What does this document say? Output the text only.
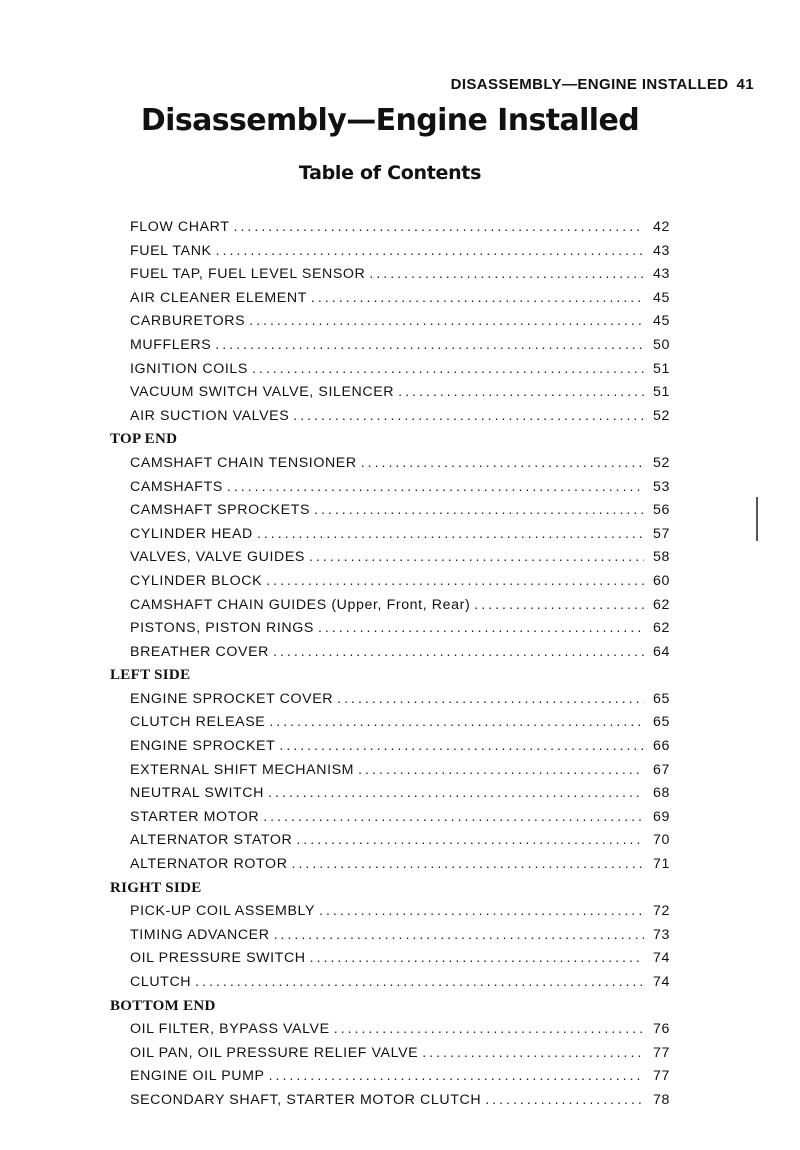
DISASSEMBLY—ENGINE INSTALLED 41
Disassembly—Engine Installed
Table of Contents
FLOW CHART .....	42
FUEL TANK .....	43
FUEL TAP, FUEL LEVEL SENSOR .....	43
AIR CLEANER ELEMENT .....	45
CARBURETORS .....	45
MUFFLERS .....	50
IGNITION COILS .....	51
VACUUM SWITCH VALVE, SILENCER .....	51
AIR SUCTION VALVES .....	52
TOP END
CAMSHAFT CHAIN TENSIONER .....	52
CAMSHAFTS .....	53
CAMSHAFT SPROCKETS .....	56
CYLINDER HEAD .....	57
VALVES, VALVE GUIDES .....	58
CYLINDER BLOCK .....	60
CAMSHAFT CHAIN GUIDES (Upper, Front, Rear) .....	62
PISTONS, PISTON RINGS .....	62
BREATHER COVER .....	64
LEFT SIDE
ENGINE SPROCKET COVER .....	65
CLUTCH RELEASE .....	65
ENGINE SPROCKET .....	66
EXTERNAL SHIFT MECHANISM .....	67
NEUTRAL SWITCH .....	68
STARTER MOTOR .....	69
ALTERNATOR STATOR .....	70
ALTERNATOR ROTOR .....	71
RIGHT SIDE
PICK-UP COIL ASSEMBLY .....	72
TIMING ADVANCER .....	73
OIL PRESSURE SWITCH .....	74
CLUTCH .....	74
BOTTOM END
OIL FILTER, BYPASS VALVE .....	76
OIL PAN, OIL PRESSURE RELIEF VALVE .....	77
ENGINE OIL PUMP .....	77
SECONDARY SHAFT, STARTER MOTOR CLUTCH .....	78
